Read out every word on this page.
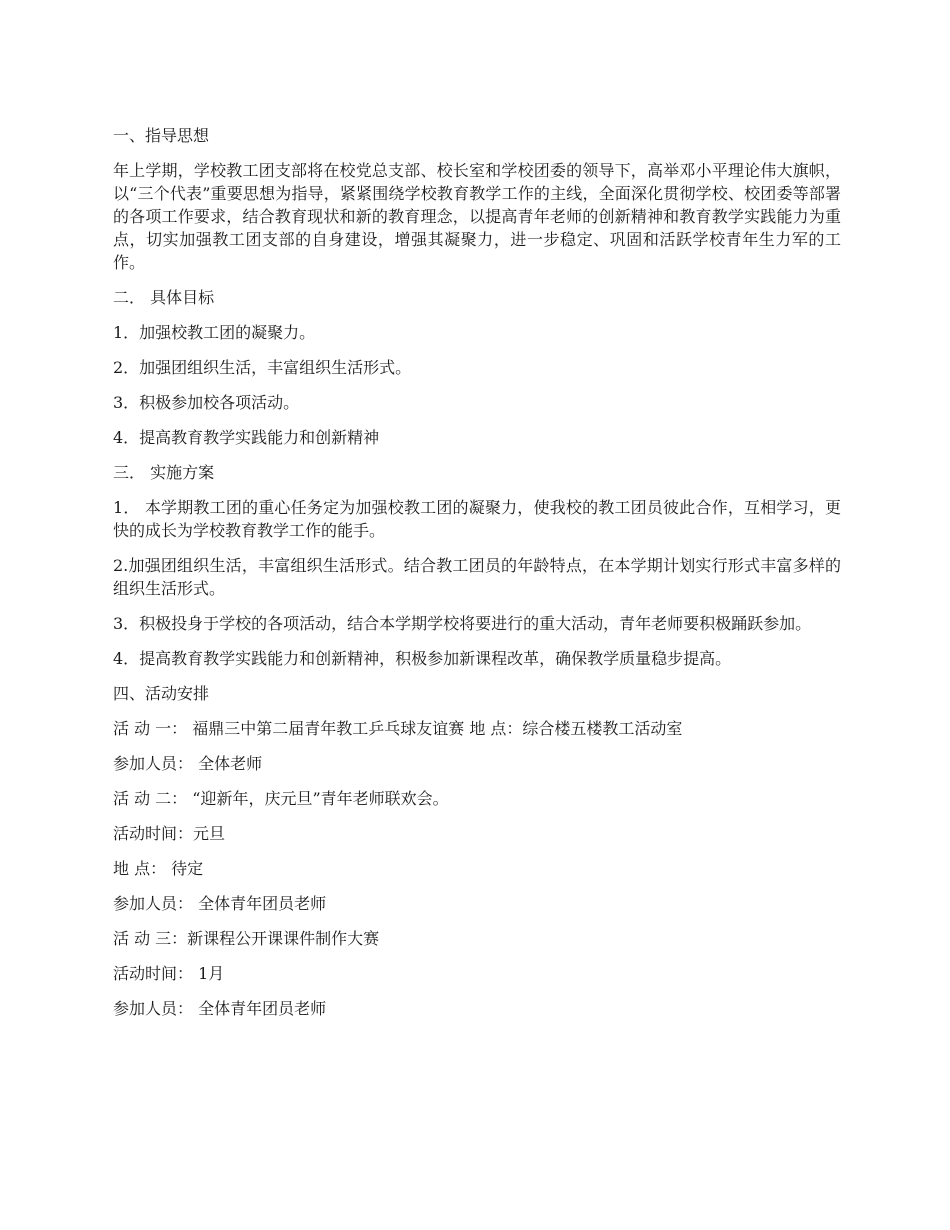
一、指导思想

年上学期，学校教工团支部将在校党总支部、校长室和学校团委的领导下，高举邓小平理论伟大旗帜，以“三个代表”重要思想为指导，紧紧围绕学校教育教学工作的主线，全面深化贯彻学校、校团委等部署的各项工作要求，结合教育现状和新的教育理念，以提高青年老师的创新精神和教育教学实践能力为重点，切实加强教工团支部的自身建设，增强其凝聚力，进一步稳定、巩固和活跃学校青年生力军的工作。

二． 具体目标

1．加强校教工团的凝聚力。

2．加强团组织生活，丰富组织生活形式。

3．积极参加校各项活动。

4．提高教育教学实践能力和创新精神

三． 实施方案

1． 本学期教工团的重心任务定为加强校教工团的凝聚力，使我校的教工团员彼此合作，互相学习，更快的成长为学校教育教学工作的能手。

2.加强团组织生活，丰富组织生活形式。结合教工团员的年龄特点，在本学期计划实行形式丰富多样的组织生活形式。

3．积极投身于学校的各项活动，结合本学期学校将要进行的重大活动，青年老师要积极踊跃参加。

4．提高教育教学实践能力和创新精神，积极参加新课程改革，确保教学质量稳步提高。

四、活动安排

活 动 一： 福鼎三中第二届青年教工乒乓球友谊赛 地 点：综合楼五楼教工活动室

参加人员： 全体老师

活 动 二： “迎新年，庆元旦”青年老师联欢会。

活动时间：元旦

地 点： 待定

参加人员： 全体青年团员老师

活 动 三：新课程公开课课件制作大赛

活动时间： 1月

参加人员： 全体青年团员老师
